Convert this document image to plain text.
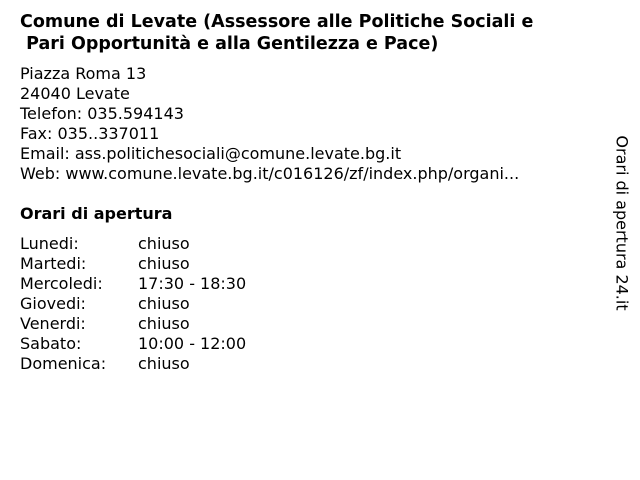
Comune di Levate (Assessore alle Politiche Sociali e
Pari Opportunità e alla Gentilezza e Pace)
Piazza Roma 13
24040 Levate
Telefon: 035.594143
Fax: 035..337011
Email: ass.politichesociali@comune.levate.bg.it
Web: www.comune.levate.bg.it/c016126/zf/index.php/organi...
Orari di apertura
Lunedi:	chiuso
Martedi:	chiuso
Mercoledi:	17:30 - 18:30
Giovedi:	chiuso
Venerdi:	chiuso
Sabato:	10:00 - 12:00
Domenica:	chiuso
Orari di apertura 24.it
